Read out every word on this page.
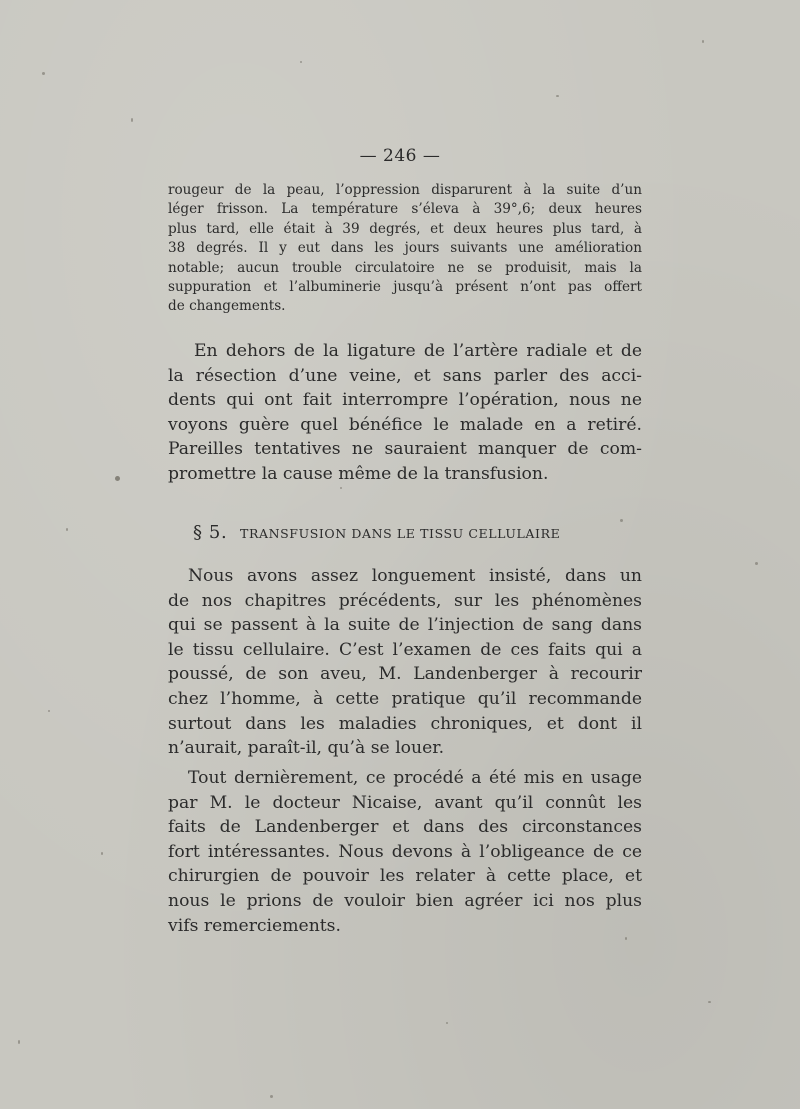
— 246 —
rougeur de la peau, l’oppression disparurent à la suite d’un
léger frisson. La température s’éleva à 39°,6; deux heures
plus tard, elle était à 39 degrés, et deux heures plus tard, à
38 degrés. Il y eut dans les jours suivants une amélioration
notable; aucun trouble circulatoire ne se produisit, mais la
suppuration et l’albuminerie jusqu’à présent n’ont pas offert
de changements.
En dehors de la ligature de l’artère radiale et de
la résection d’une veine, et sans parler des acci-
dents qui ont fait interrompre l’opération, nous ne
voyons guère quel bénéfice le malade en a retiré.
Pareilles tentatives ne sauraient manquer de com-
promettre la cause même de la transfusion.
§ 5. TRANSFUSION DANS LE TISSU CELLULAIRE
Nous avons assez longuement insisté, dans un
de nos chapitres précédents, sur les phénomènes
qui se passent à la suite de l’injection de sang dans
le tissu cellulaire. C’est l’examen de ces faits qui a
poussé, de son aveu, M. Landenberger à recourir
chez l’homme, à cette pratique qu’il recommande
surtout dans les maladies chroniques, et dont il
n’aurait, paraît-il, qu’à se louer.
Tout dernièrement, ce procédé a été mis en usage
par M. le docteur Nicaise, avant qu’il connût les
faits de Landenberger et dans des circonstances
fort intéressantes. Nous devons à l’obligeance de ce
chirurgien de pouvoir les relater à cette place, et
nous le prions de vouloir bien agréer ici nos plus
vifs remerciements.
